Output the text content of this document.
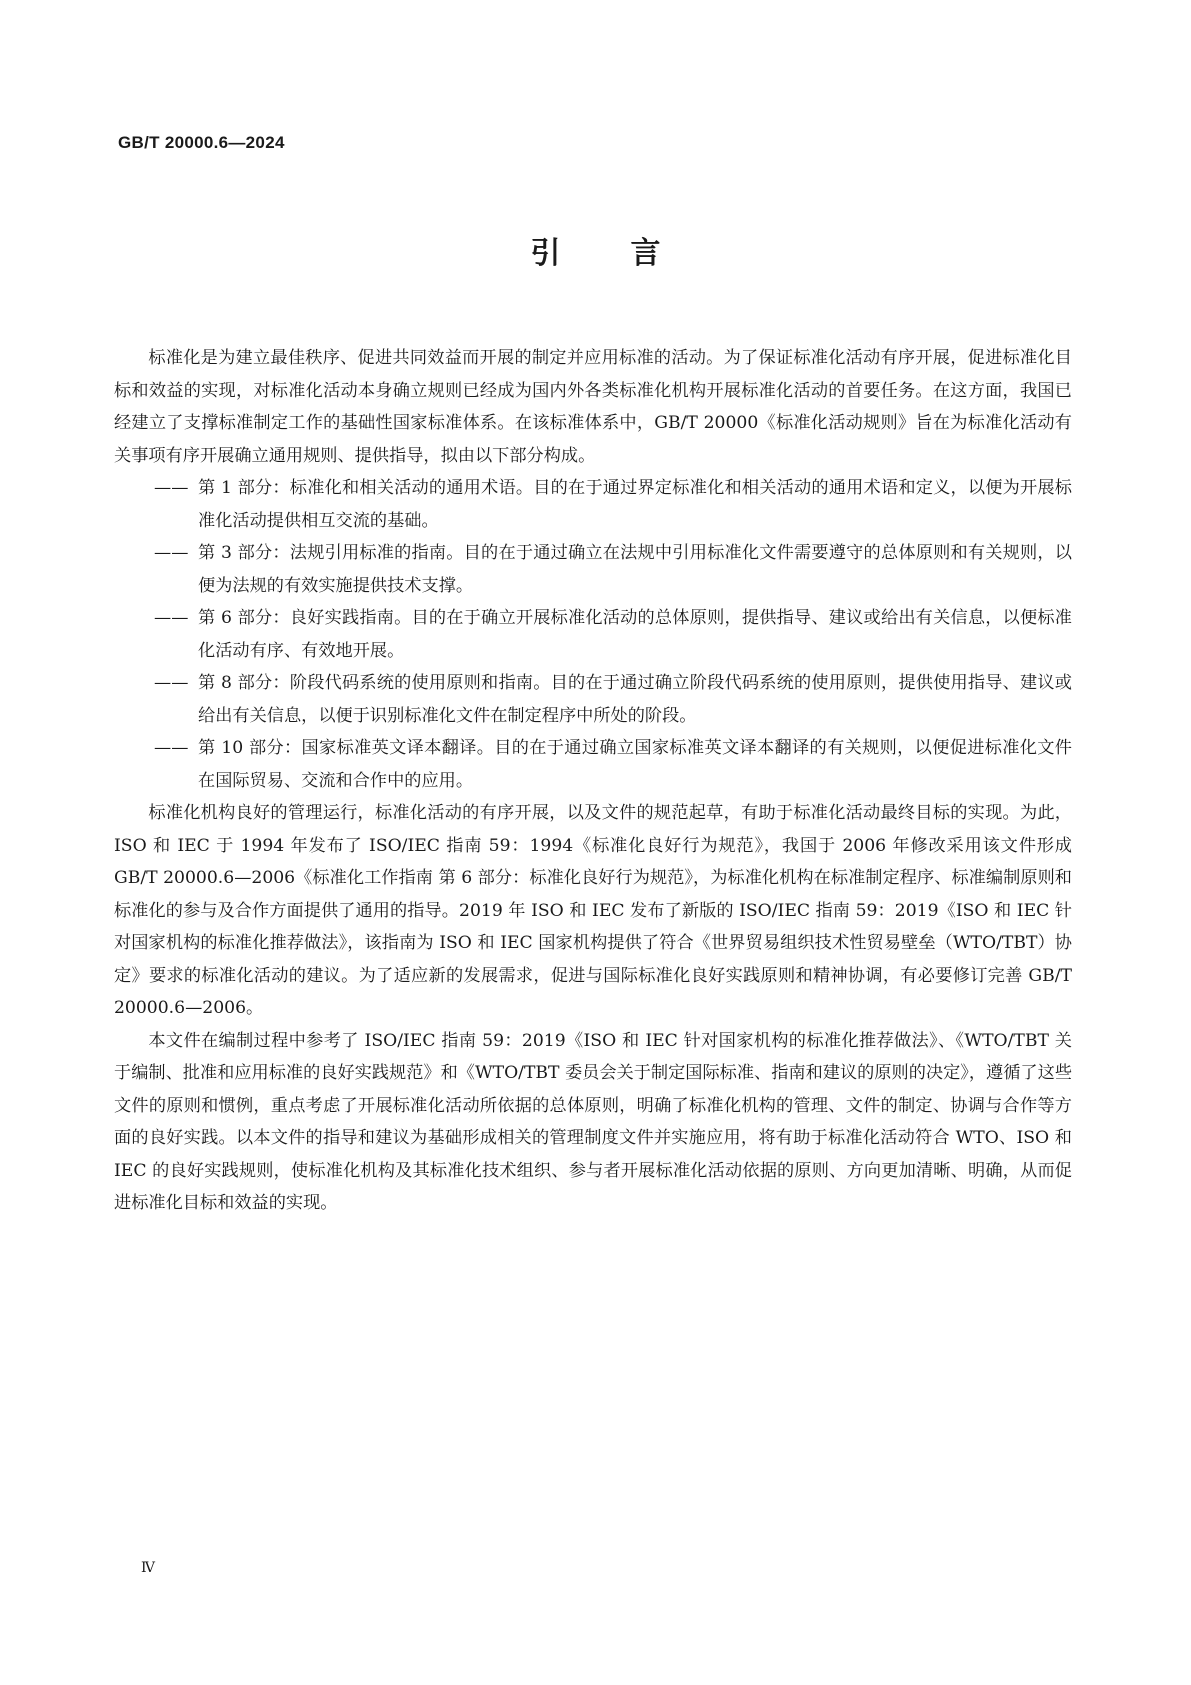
GB/T 20000.6—2024
引言

标准化是为建立最佳秩序、促进共同效益而开展的制定并应用标准的活动。为了保证标准化活动有序开展，促进标准化目标和效益的实现，对标准化活动本身确立规则已经成为国内外各类标准化机构开展标准化活动的首要任务。在这方面，我国已经建立了支撑标准制定工作的基础性国家标准体系。在该标准体系中，GB/T 20000《标准化活动规则》旨在为标准化活动有关事项有序开展确立通用规则、提供指导，拟由以下部分构成。

—— 第 1 部分：标准化和相关活动的通用术语。目的在于通过界定标准化和相关活动的通用术语和定义，以便为开展标准化活动提供相互交流的基础。
—— 第 3 部分：法规引用标准的指南。目的在于通过确立在法规中引用标准化文件需要遵守的总体原则和有关规则，以便为法规的有效实施提供技术支撑。
—— 第 6 部分：良好实践指南。目的在于确立开展标准化活动的总体原则，提供指导、建议或给出有关信息，以便标准化活动有序、有效地开展。
—— 第 8 部分：阶段代码系统的使用原则和指南。目的在于通过确立阶段代码系统的使用原则，提供使用指导、建议或给出有关信息，以便于识别标准化文件在制定程序中所处的阶段。
—— 第 10 部分：国家标准英文译本翻译。目的在于通过确立国家标准英文译本翻译的有关规则，以便促进标准化文件在国际贸易、交流和合作中的应用。

标准化机构良好的管理运行，标准化活动的有序开展，以及文件的规范起草，有助于标准化活动最终目标的实现。为此，ISO 和 IEC 于 1994 年发布了 ISO/IEC 指南 59：1994《标准化良好行为规范》，我国于 2006 年修改采用该文件形成 GB/T 20000.6—2006《标准化工作指南 第 6 部分：标准化良好行为规范》，为标准化机构在标准制定程序、标准编制原则和标准化的参与及合作方面提供了通用的指导。2019 年 ISO 和 IEC 发布了新版的 ISO/IEC 指南 59：2019《ISO 和 IEC 针对国家机构的标准化推荐做法》，该指南为 ISO 和 IEC 国家机构提供了符合《世界贸易组织技术性贸易壁垒（WTO/TBT）协定》要求的标准化活动的建议。为了适应新的发展需求，促进与国际标准化良好实践原则和精神协调，有必要修订完善 GB/T 20000.6—2006。

本文件在编制过程中参考了 ISO/IEC 指南 59：2019《ISO 和 IEC 针对国家机构的标准化推荐做法》、《WTO/TBT 关于编制、批准和应用标准的良好实践规范》和《WTO/TBT 委员会关于制定国际标准、指南和建议的原则的决定》，遵循了这些文件的原则和惯例，重点考虑了开展标准化活动所依据的总体原则，明确了标准化机构的管理、文件的制定、协调与合作等方面的良好实践。以本文件的指导和建议为基础形成相关的管理制度文件并实施应用，将有助于标准化活动符合 WTO、ISO 和 IEC 的良好实践规则，使标准化机构及其标准化技术组织、参与者开展标准化活动依据的原则、方向更加清晰、明确，从而促进标准化目标和效益的实现。

Ⅳ
